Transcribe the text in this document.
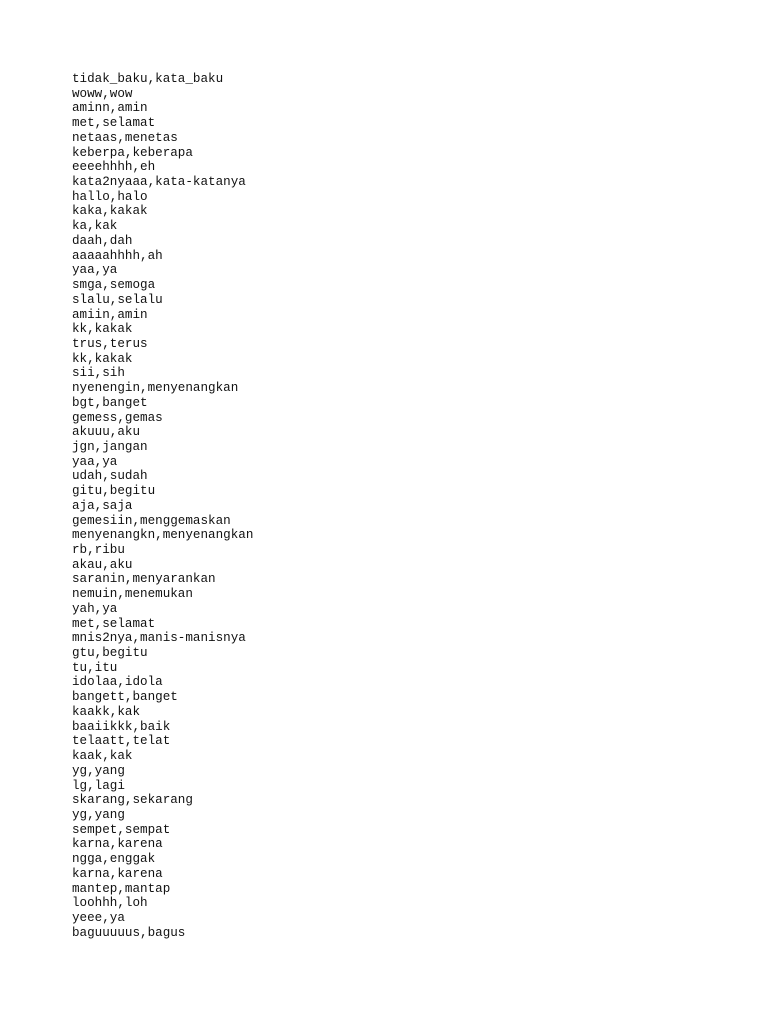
tidak_baku,kata_baku
woww,wow
aminn,amin
met,selamat
netaas,menetas
keberpa,keberapa
eeeehhhh,eh
kata2nyaaa,kata-katanya
hallo,halo
kaka,kakak
ka,kak
daah,dah
aaaaahhhh,ah
yaa,ya
smga,semoga
slalu,selalu
amiin,amin
kk,kakak
trus,terus
kk,kakak
sii,sih
nyenengin,menyenangkan
bgt,banget
gemess,gemas
akuuu,aku
jgn,jangan
yaa,ya
udah,sudah
gitu,begitu
aja,saja
gemesiin,menggemaskan
menyenangkn,menyenangkan
rb,ribu
akau,aku
saranin,menyarankan
nemuin,menemukan
yah,ya
met,selamat
mnis2nya,manis-manisnya
gtu,begitu
tu,itu
idolaa,idola
bangett,banget
kaakk,kak
baaiikkk,baik
telaatt,telat
kaak,kak
yg,yang
lg,lagi
skarang,sekarang
yg,yang
sempet,sempat
karna,karena
ngga,enggak
karna,karena
mantep,mantap
loohhh,loh
yeee,ya
baguuuuus,bagus
